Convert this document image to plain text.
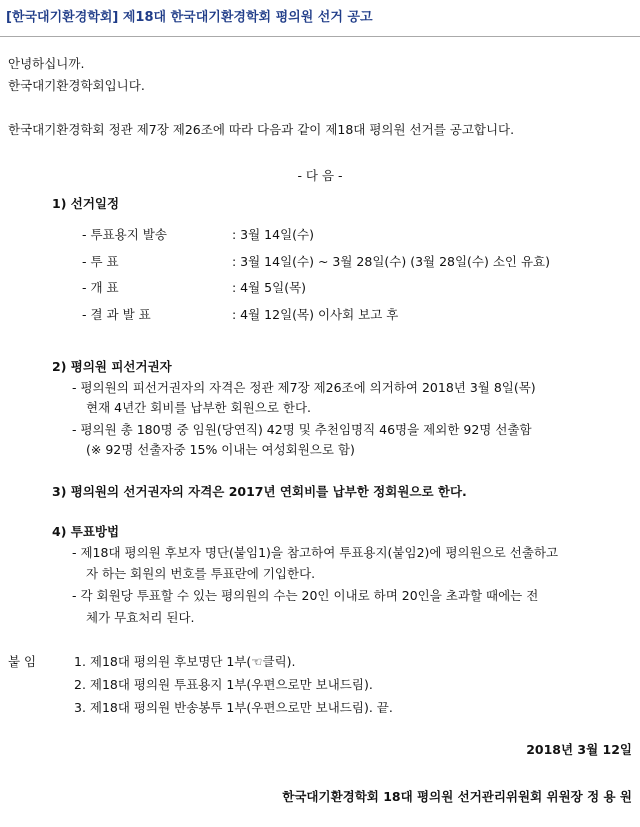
[한국대기환경학회] 제18대 한국대기환경학회 평의원 선거 공고
안녕하십니까.
한국대기환경학회입니다.
한국대기환경학회 정관 제7장 제26조에 따라 다음과 같이 제18대 평의원 선거를 공고합니다.
- 다 음 -
1) 선거일정
- 투표용지 발송	: 3월 14일(수)
- 투 표	: 3월 14일(수) ~ 3월 28일(수) (3월 28일(수) 소인 유효)
- 개 표	: 4월 5일(목)
- 결 과 발 표	: 4월 12일(목) 이사회 보고 후
2) 평의원 피선거권자
- 평의원의 피선거권자의 자격은 정관 제7장 제26조에 의거하여 2018년 3월 8일(목)
현재 4년간 회비를 납부한 회원으로 한다.
- 평의원 총 180명 중 임원(당연직) 42명 및 추천임명직 46명을 제외한 92명 선출함
(※ 92명 선출자중 15% 이내는 여성회원으로 함)
3) 평의원의 선거권자의 자격은 2017년 연회비를 납부한 정회원으로 한다.
4) 투표방법
- 제18대 평의원 후보자 명단(붙임1)을 참고하여 투표용지(붙임2)에 평의원으로 선출하고
자 하는 회원의 번호를 투표란에 기입한다.
- 각 회원당 투표할 수 있는 평의원의 수는 20인 이내로 하며 20인을 초과할 때에는 전
체가 무효처리 된다.
붙 임	1. 제18대 평의원 후보명단 1부(☜클릭).
2. 제18대 평의원 투표용지 1부(우편으로만 보내드림).
3. 제18대 평의원 반송봉투 1부(우편으로만 보내드림). 끝.
2018년 3월 12일
한국대기환경학회 18대 평의원 선거관리위원회 위원장 정 용 원
